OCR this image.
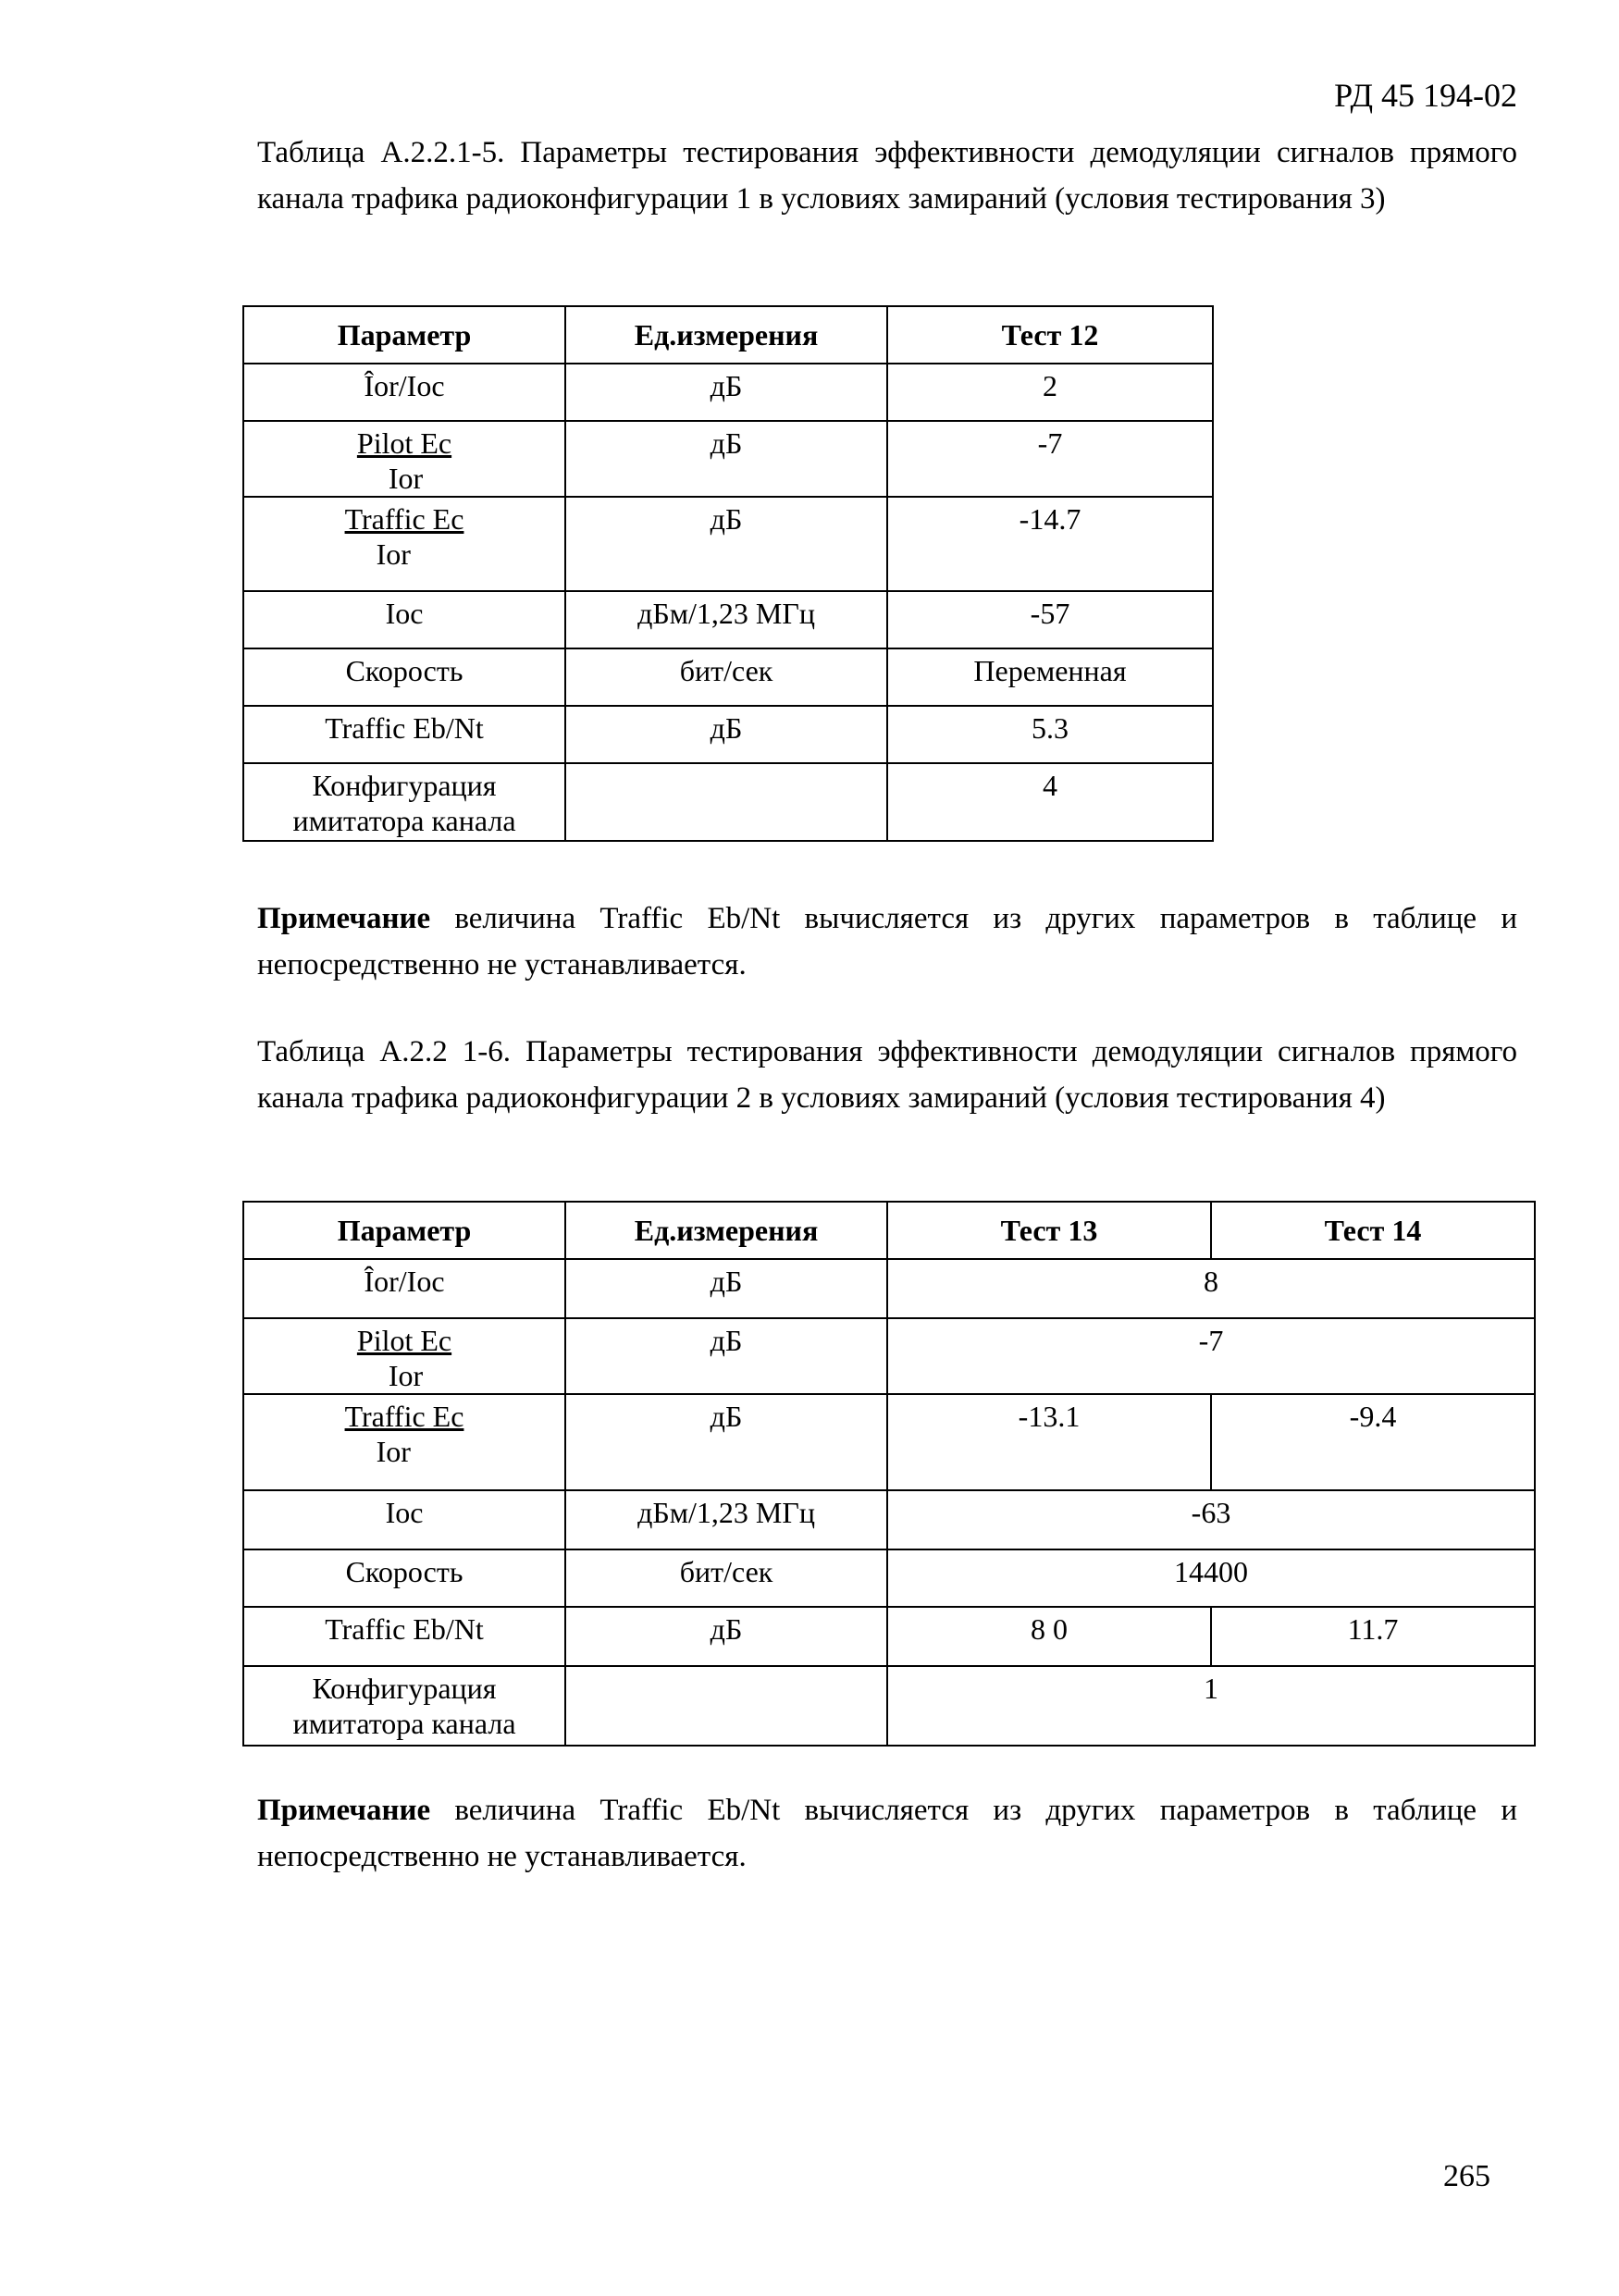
РД 45 194-02
Таблица А.2.2.1-5. Параметры тестирования эффективности демодуляции сигналов прямого канала трафика радиоконфигурации 1 в условиях замираний (условия тестирования 3)
Параметр	Ед.измерения	Тест 12
Îor/Ioc	дБ	2

$\frac{\text{Pilot Ec}}{\text{Ior}}$	дБ	-7

$\frac{\text{Traffic Ec}}{\text{Ior}}$	дБ	-14.7
Ioc	дБм/1,23 МГц	-57
Скорость	бит/сек	Переменная
Traffic Eb/Nt	дБ	5.3
Конфигурация имитатора канала		4
Примечание величина Traffic Eb/Nt вычисляется из других параметров в таблице и непосредственно не устанавливается.
Таблица А.2.2 1-6. Параметры тестирования эффективности демодуляции сигналов прямого канала трафика радиоконфигурации 2 в условиях замираний (условия тестирования 4)
Параметр	Ед.измерения	Тест 13	Тест 14
Îor/Ioc	дБ	8	

$\frac{\text{Pilot Ec}}{\text{Ior}}$	дБ	-7	

$\frac{\text{Traffic Ec}}{\text{Ior}}$	дБ	-13.1	-9.4
Ioc	дБм/1,23 МГц	-63	
Скорость	бит/сек	14400	
Traffic Eb/Nt	дБ	8 0	11.7
Конфигурация имитатора канала		1	
Примечание величина Traffic Eb/Nt вычисляется из других параметров в таблице и непосредственно не устанавливается.
265
